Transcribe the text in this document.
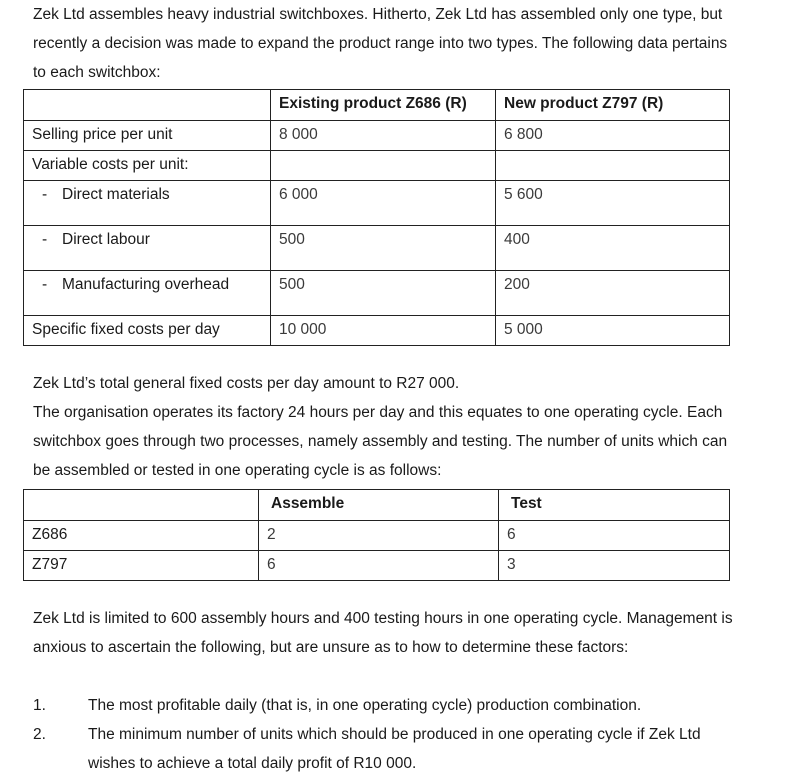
Zek Ltd assembles heavy industrial switchboxes. Hitherto, Zek Ltd has assembled only one type, but recently a decision was made to expand the product range into two types. The following data pertains to each switchbox:

	Existing product Z686 (R)	New product Z797 (R)
Selling price per unit	8 000	6 800
Variable costs per unit:		
- Direct materials	6 000	5 600
- Direct labour	500	400
- Manufacturing overhead	500	200
Specific fixed costs per day	10 000	5 000

Zek Ltd’s total general fixed costs per day amount to R27 000.

The organisation operates its factory 24 hours per day and this equates to one operating cycle. Each switchbox goes through two processes, namely assembly and testing. The number of units which can be assembled or tested in one operating cycle is as follows:

	Assemble	Test
Z686	2	6
Z797	6	3

Zek Ltd is limited to 600 assembly hours and 400 testing hours in one operating cycle. Management is anxious to ascertain the following, but are unsure as to how to determine these factors:

1.	The most profitable daily (that is, in one operating cycle) production combination.
2.	The minimum number of units which should be produced in one operating cycle if Zek Ltd wishes to achieve a total daily profit of R10 000.
